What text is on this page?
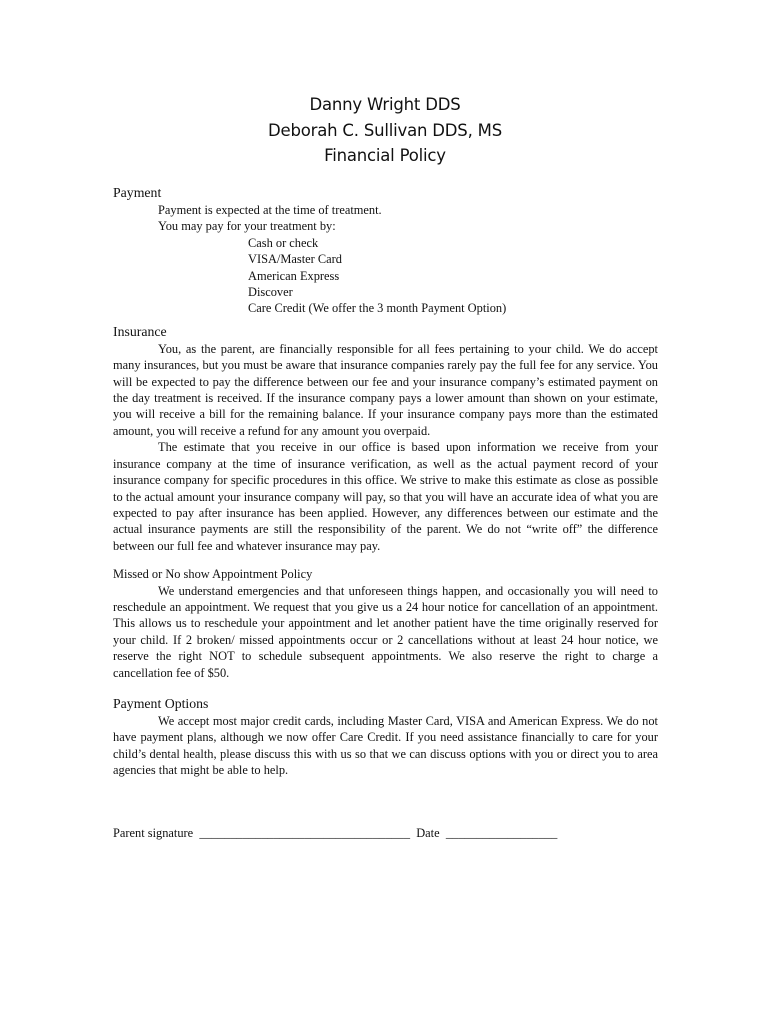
Danny Wright DDS
Deborah C. Sullivan DDS, MS
Financial Policy
Payment
Payment is expected at the time of treatment.
You may pay for your treatment by:
Cash or check
VISA/Master Card
American Express
Discover
Care Credit (We offer the 3 month Payment Option)
Insurance

You, as the parent, are financially responsible for all fees pertaining to your child. We do accept many insurances, but you must be aware that insurance companies rarely pay the full fee for any service. You will be expected to pay the difference between our fee and your insurance company’s estimated payment on the day treatment is received. If the insurance company pays a lower amount than shown on your estimate, you will receive a bill for the remaining balance. If your insurance company pays more than the estimated amount, you will receive a refund for any amount you overpaid.

The estimate that you receive in our office is based upon information we receive from your insurance company at the time of insurance verification, as well as the actual payment record of your insurance company for specific procedures in this office. We strive to make this estimate as close as possible to the actual amount your insurance company will pay, so that you will have an accurate idea of what you are expected to pay after insurance has been applied. However, any differences between our estimate and the actual insurance payments are still the responsibility of the parent. We do not “write off” the difference between our full fee and whatever insurance may pay.

Missed or No show Appointment Policy

We understand emergencies and that unforeseen things happen, and occasionally you will need to reschedule an appointment. We request that you give us a 24 hour notice for cancellation of an appointment. This allows us to reschedule your appointment and let another patient have the time originally reserved for your child. If 2 broken/ missed appointments occur or 2 cancellations without at least 24 hour notice, we reserve the right NOT to schedule subsequent appointments. We also reserve the right to charge a cancellation fee of $50.

Payment Options

We accept most major credit cards, including Master Card, VISA and American Express. We do not have payment plans, although we now offer Care Credit. If you need assistance financially to care for your child’s dental health, please discuss this with us so that we can discuss options with you or direct you to area agencies that might be able to help.

Parent signature __________________________________ Date __________________
